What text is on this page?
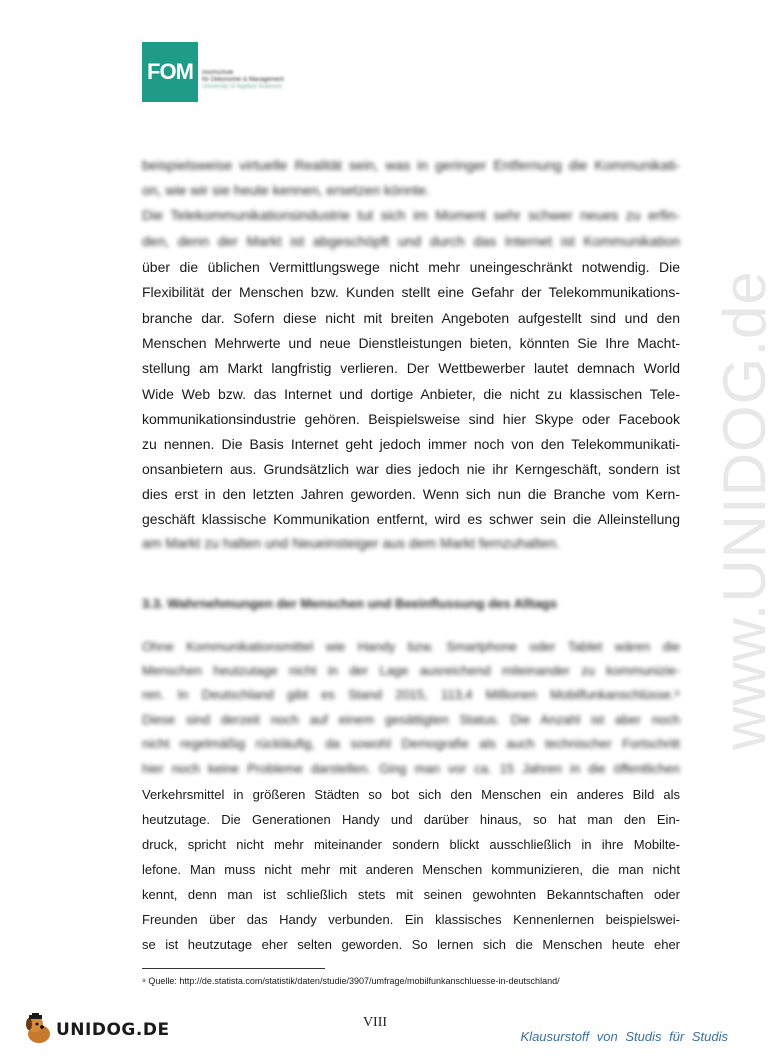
FOM	Hochschule
für Oekonomie & Management
University of Applied Sciences
beispielsweise virtuelle Realität sein, was in geringer Entfernung die Kommunikati-
on, wie wir sie heute kennen, ersetzen könnte.
Die Telekommunikationsindustrie tut sich im Moment sehr schwer neues zu erfin-
den, denn der Markt ist abgeschöpft und durch das Internet ist Kommunikation
über die üblichen Vermittlungswege nicht mehr uneingeschränkt notwendig. Die
Flexibilität der Menschen bzw. Kunden stellt eine Gefahr der Telekommunikations-
branche dar. Sofern diese nicht mit breiten Angeboten aufgestellt sind und den
Menschen Mehrwerte und neue Dienstleistungen bieten, könnten Sie Ihre Macht-
stellung am Markt langfristig verlieren. Der Wettbewerber lautet demnach World
Wide Web bzw. das Internet und dortige Anbieter, die nicht zu klassischen Tele-
kommunikationsindustrie gehören. Beispielsweise sind hier Skype oder Facebook
zu nennen. Die Basis Internet geht jedoch immer noch von den Telekommunikati-
onsanbietern aus. Grundsätzlich war dies jedoch nie ihr Kerngeschäft, sondern ist
dies erst in den letzten Jahren geworden. Wenn sich nun die Branche vom Kern-
geschäft klassische Kommunikation entfernt, wird es schwer sein die Alleinstellung
am Markt zu halten und Neueinsteiger aus dem Markt fernzuhalten.
3.3. Wahrnehmungen der Menschen und Beeinflussung des Alltags
Ohne Kommunikationsmittel wie Handy bzw. Smartphone oder Tablet wären die
Menschen heutzutage nicht in der Lage ausreichend miteinander zu kommunizie-
ren. In Deutschland gibt es Stand 2015, 113,4 Millionen Mobilfunkanschlüsse.⁹
Diese sind derzeit noch auf einem gesättigten Status. Die Anzahl ist aber noch
nicht regelmäßig rückläufig, da sowohl Demografie als auch technischer Fortschritt
hier noch keine Probleme darstellen. Ging man vor ca. 15 Jahren in die öffentlichen
Verkehrsmittel in größeren Städten so bot sich den Menschen ein anderes Bild als
heutzutage. Die Generationen Handy und darüber hinaus, so hat man den Ein-
druck, spricht nicht mehr miteinander sondern blickt ausschließlich in ihre Mobilte-
lefone. Man muss nicht mehr mit anderen Menschen kommunizieren, die man nicht
kennt, denn man ist schließlich stets mit seinen gewohnten Bekanntschaften oder
Freunden über das Handy verbunden. Ein klassisches Kennenlernen beispielswei-
se ist heutzutage eher selten geworden. So lernen sich die Menschen heute eher
⁹ Quelle: http://de.statista.com/statistik/daten/studie/3907/umfrage/mobilfunkanschluesse-in-deutschland/
www.UNIDOG.de
UNIDOG.DE	VIII
Klausurstoff von Studis für Studis
